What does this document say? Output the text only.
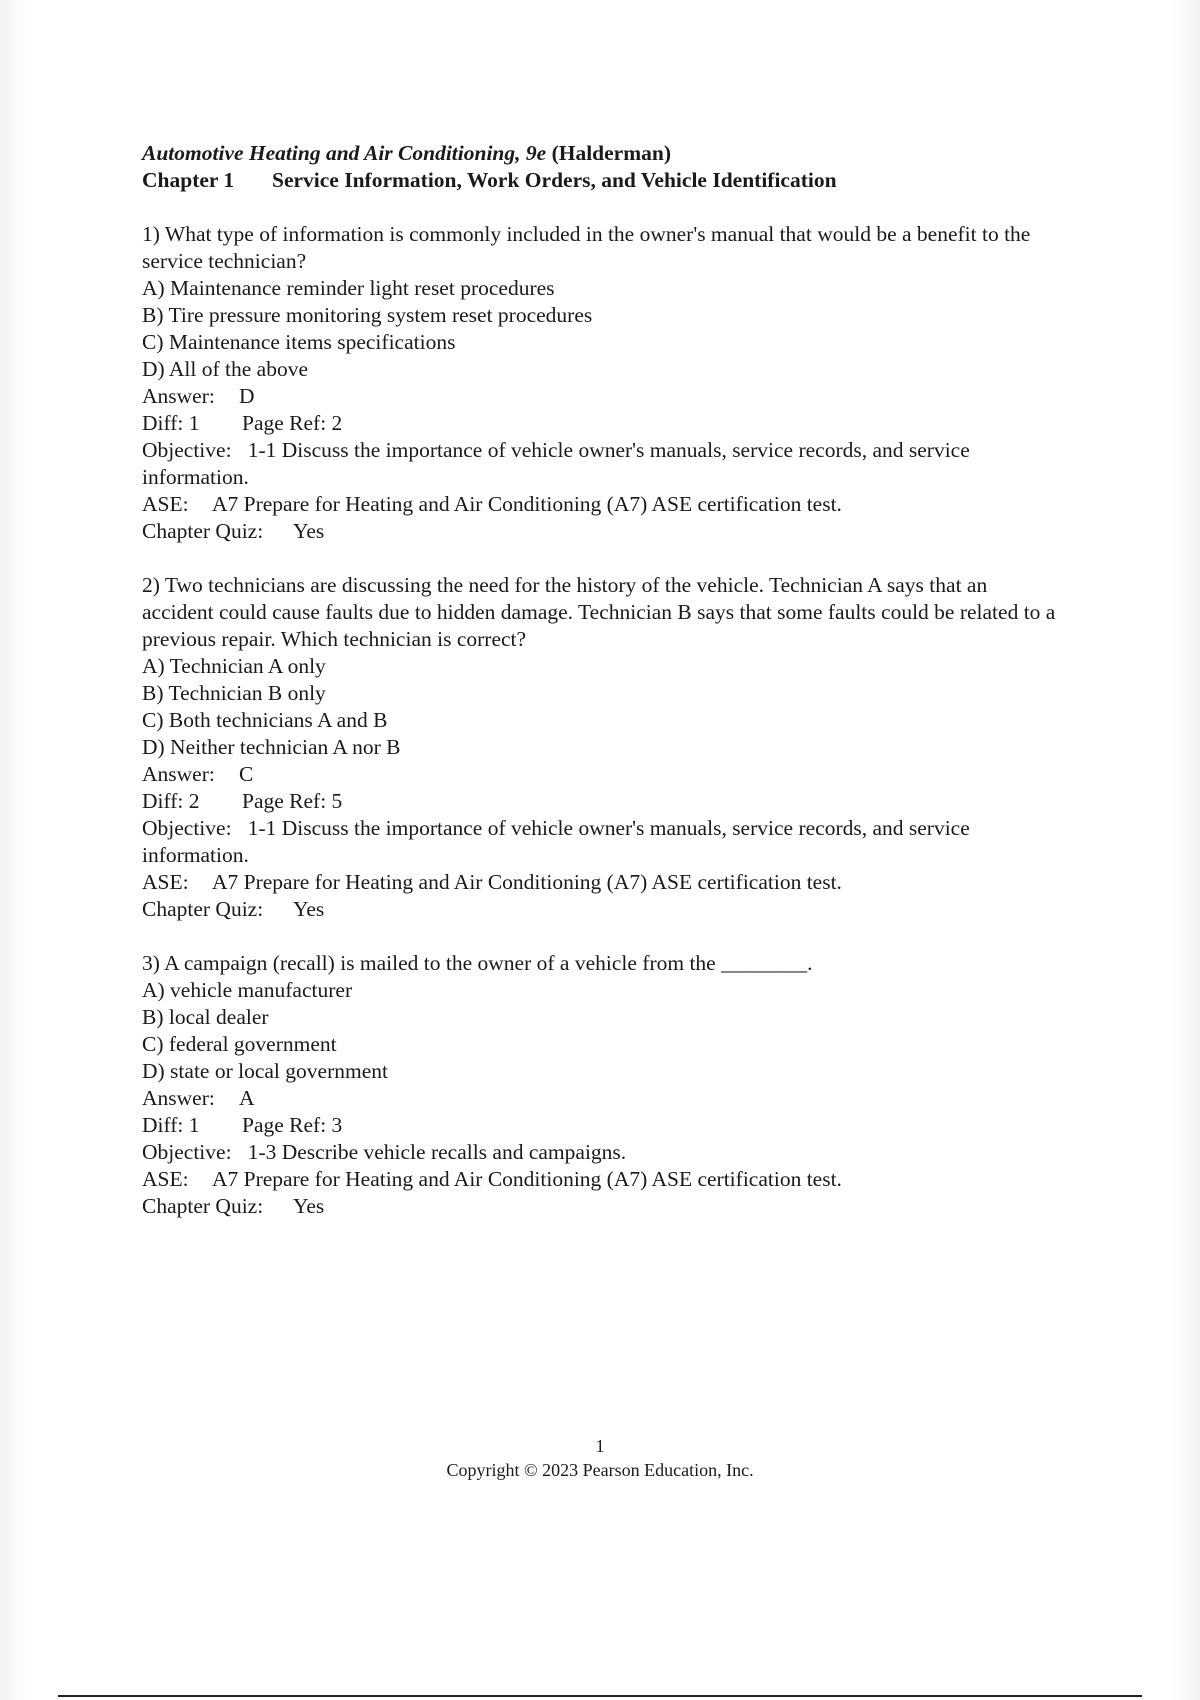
Automotive Heating and Air Conditioning, 9e (Halderman)
Chapter 1 Service Information, Work Orders, and Vehicle Identification
1) What type of information is commonly included in the owner's manual that would be a benefit to the service technician?
A) Maintenance reminder light reset procedures
B) Tire pressure monitoring system reset procedures
C) Maintenance items specifications
D) All of the above
Answer: D
Diff: 1 Page Ref: 2
Objective: 1-1 Discuss the importance of vehicle owner's manuals, service records, and service information.
ASE: A7 Prepare for Heating and Air Conditioning (A7) ASE certification test.
Chapter Quiz: Yes
2) Two technicians are discussing the need for the history of the vehicle. Technician A says that an accident could cause faults due to hidden damage. Technician B says that some faults could be related to a previous repair. Which technician is correct?
A) Technician A only
B) Technician B only
C) Both technicians A and B
D) Neither technician A nor B
Answer: C
Diff: 2 Page Ref: 5
Objective: 1-1 Discuss the importance of vehicle owner's manuals, service records, and service information.
ASE: A7 Prepare for Heating and Air Conditioning (A7) ASE certification test.
Chapter Quiz: Yes
3) A campaign (recall) is mailed to the owner of a vehicle from the ________.
A) vehicle manufacturer
B) local dealer
C) federal government
D) state or local government
Answer: A
Diff: 1 Page Ref: 3
Objective: 1-3 Describe vehicle recalls and campaigns.
ASE: A7 Prepare for Heating and Air Conditioning (A7) ASE certification test.
Chapter Quiz: Yes
1
Copyright © 2023 Pearson Education, Inc.
